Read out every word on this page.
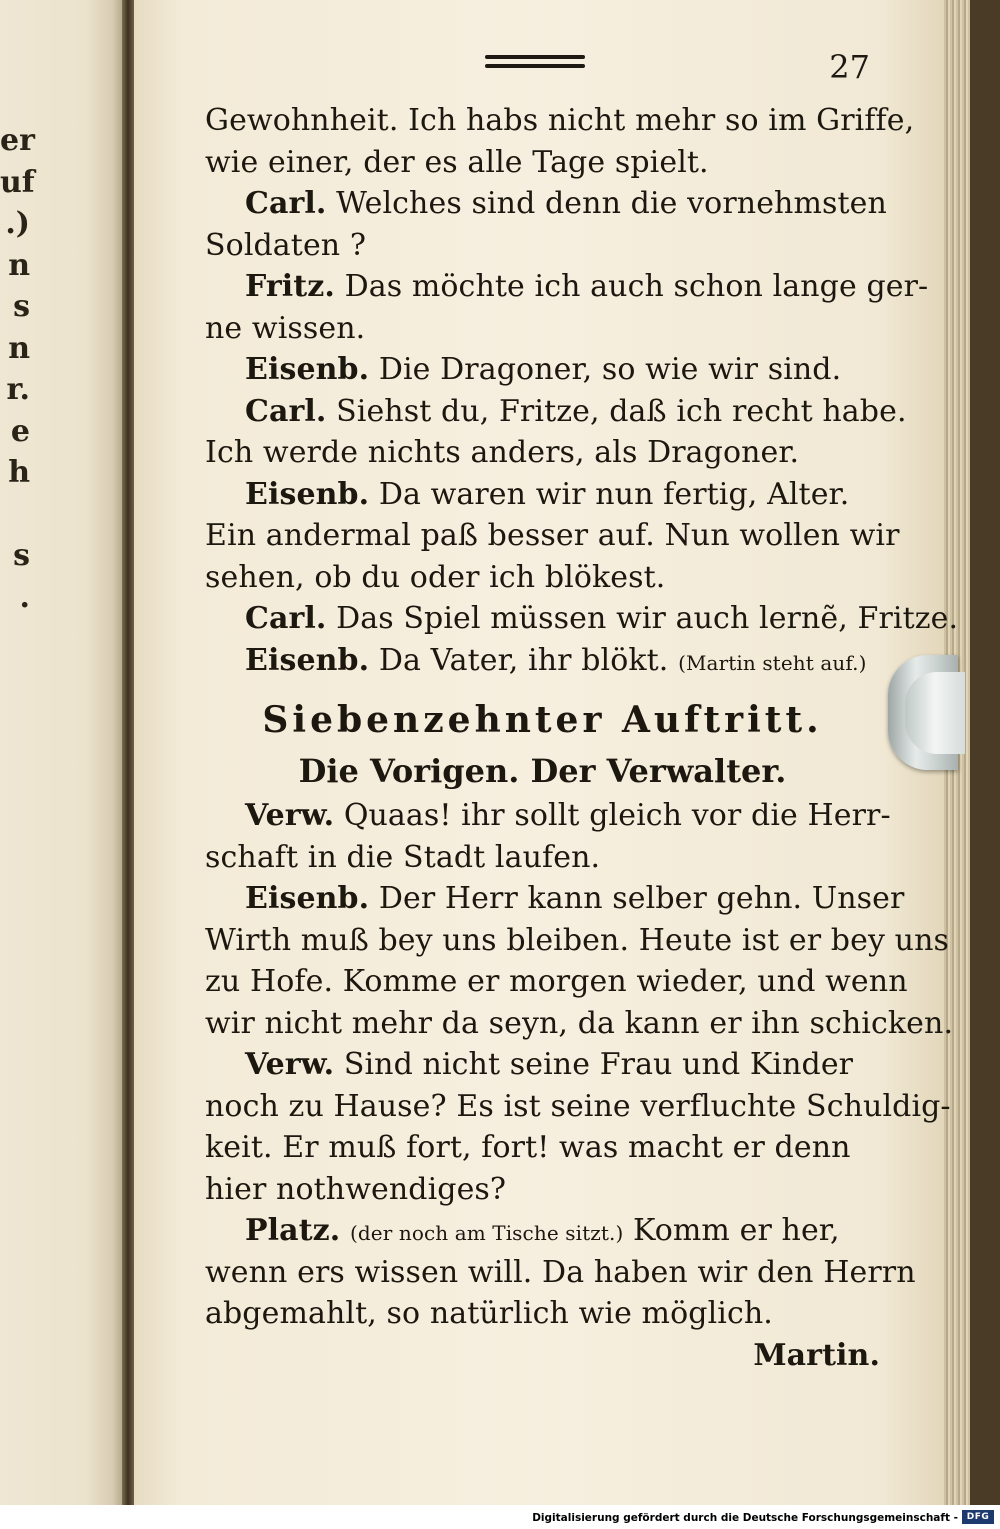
er
uf
.)
n
s
n
r.
e
h

s
.
27
Gewohnheit. Ich habs nicht mehr so im Griffe,
wie einer, der es alle Tage spielt.
Carl. Welches sind denn die vornehmsten
Soldaten ?
Fritz. Das möchte ich auch schon lange ger-
ne wissen.
Eisenb. Die Dragoner, so wie wir sind.
Carl. Siehst du, Fritze, daß ich recht habe.
Ich werde nichts anders, als Dragoner.
Eisenb. Da waren wir nun fertig, Alter.
Ein andermal paß besser auf. Nun wollen wir
sehen, ob du oder ich blökest.
Carl. Das Spiel müssen wir auch lernẽ, Fritze.
Eisenb. Da Vater, ihr blökt. (Martin steht auf.)
Siebenzehnter Auftritt.
Die Vorigen. Der Verwalter.
Verw. Quaas! ihr sollt gleich vor die Herr-
schaft in die Stadt laufen.
Eisenb. Der Herr kann selber gehn. Unser
Wirth muß bey uns bleiben. Heute ist er bey uns
zu Hofe. Komme er morgen wieder, und wenn
wir nicht mehr da seyn, da kann er ihn schicken.
Verw. Sind nicht seine Frau und Kinder
noch zu Hause? Es ist seine verfluchte Schuldig-
keit. Er muß fort, fort! was macht er denn
hier nothwendiges?
Platz. (der noch am Tische sitzt.) Komm er her,
wenn ers wissen will. Da haben wir den Herrn
abgemahlt, so natürlich wie möglich.
Martin.
Digitalisierung gefördert durch die Deutsche Forschungsgemeinschaft - DFG
